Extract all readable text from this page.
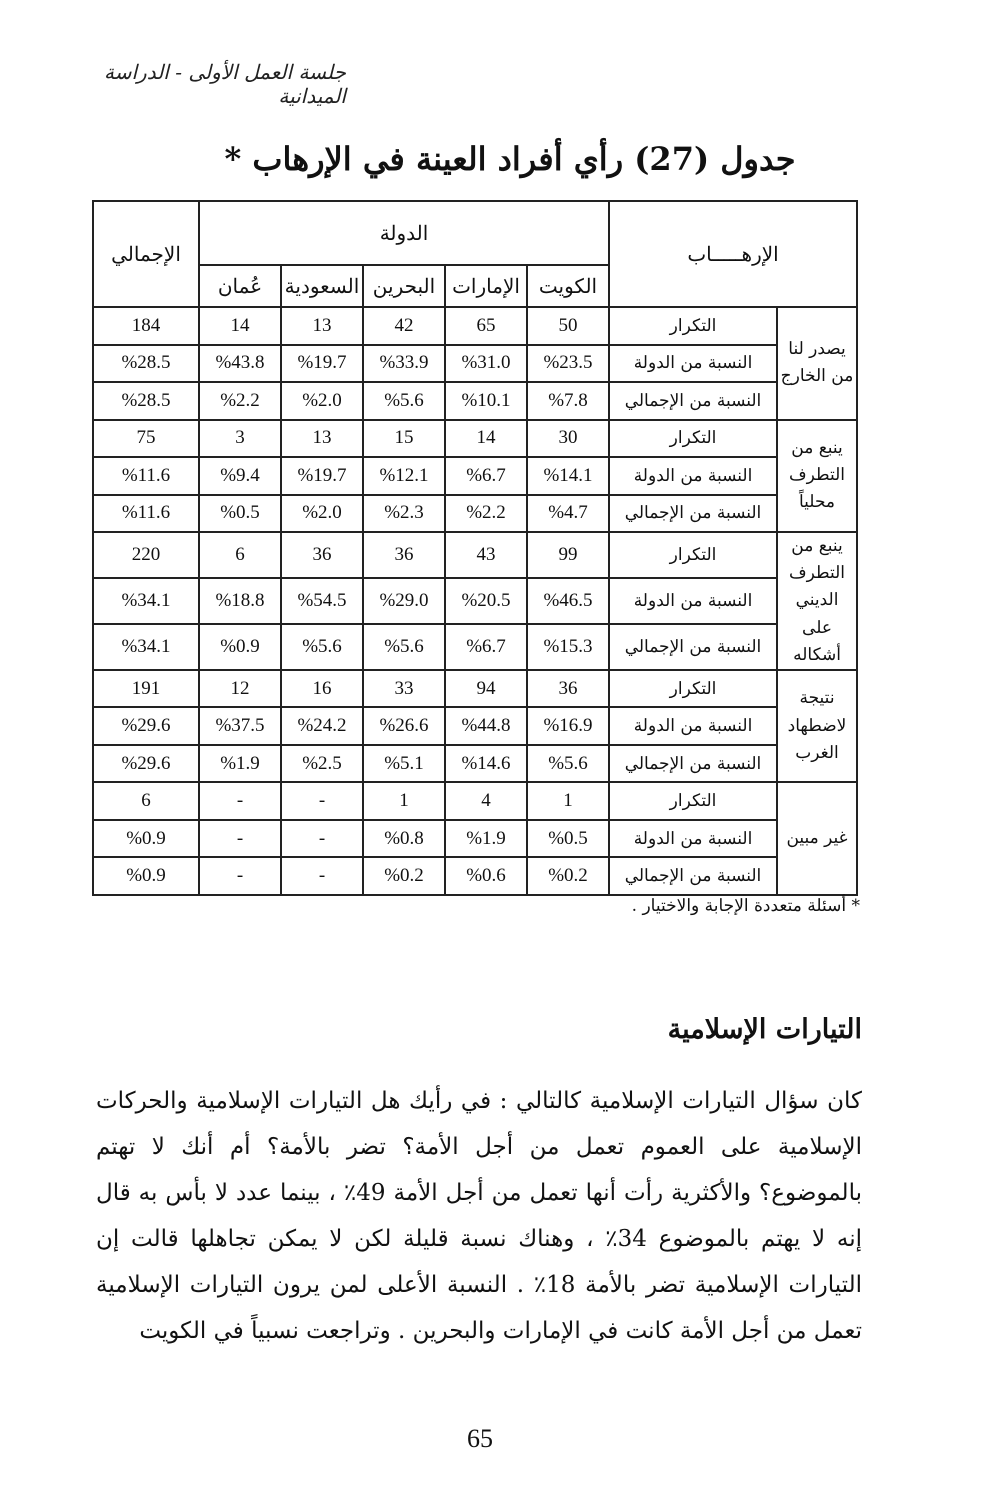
جلسة العمل الأولى - الدراسة الميدانية
جدول (27) رأي أفراد العينة في الإرهاب *
الإرهـــــاب		الدولة					الإجمالي
		الكويت	الإمارات	البحرين	السعودية	عُمان	
يصدر لنا من الخارج	التكرار	50	65	42	13	14	184
	النسبة من الدولة	%23.5	%31.0	%33.9	%19.7	%43.8	%28.5
	النسبة من الإجمالي	%7.8	%10.1	%5.6	%2.0	%2.2	%28.5
ينبع من التطرف محلياً	التكرار	30	14	15	13	3	75
	النسبة من الدولة	%14.1	%6.7	%12.1	%19.7	%9.4	%11.6
	النسبة من الإجمالي	%4.7	%2.2	%2.3	%2.0	%0.5	%11.6
ينبع من التطرف الديني على أشكاله	التكرار	99	43	36	36	6	220
	النسبة من الدولة	%46.5	%20.5	%29.0	%54.5	%18.8	%34.1
	النسبة من الإجمالي	%15.3	%6.7	%5.6	%5.6	%0.9	%34.1
نتيجة لاضطهاد الغرب	التكرار	36	94	33	16	12	191
	النسبة من الدولة	%16.9	%44.8	%26.6	%24.2	%37.5	%29.6
	النسبة من الإجمالي	%5.6	%14.6	%5.1	%2.5	%1.9	%29.6
غير مبين	التكرار	1	4	1	-	-	6
	النسبة من الدولة	%0.5	%1.9	%0.8	-	-	%0.9
	النسبة من الإجمالي	%0.2	%0.6	%0.2	-	-	%0.9
* أسئلة متعددة الإجابة والاختيار .
التيارات الإسلامية

كان سؤال التيارات الإسلامية كالتالي : في رأيك هل التيارات الإسلامية والحركات الإسلامية على العموم تعمل من أجل الأمة؟ تضر بالأمة؟ أم أنك لا تهتم بالموضوع؟ والأكثرية رأت أنها تعمل من أجل الأمة 49٪ ، بينما عدد لا بأس به قال إنه لا يهتم بالموضوع 34٪ ، وهناك نسبة قليلة لكن لا يمكن تجاهلها قالت إن التيارات الإسلامية تضر بالأمة 18٪ . النسبة الأعلى لمن يرون التيارات الإسلامية تعمل من أجل الأمة كانت في الإمارات والبحرين . وتراجعت نسبياً في الكويت

65
